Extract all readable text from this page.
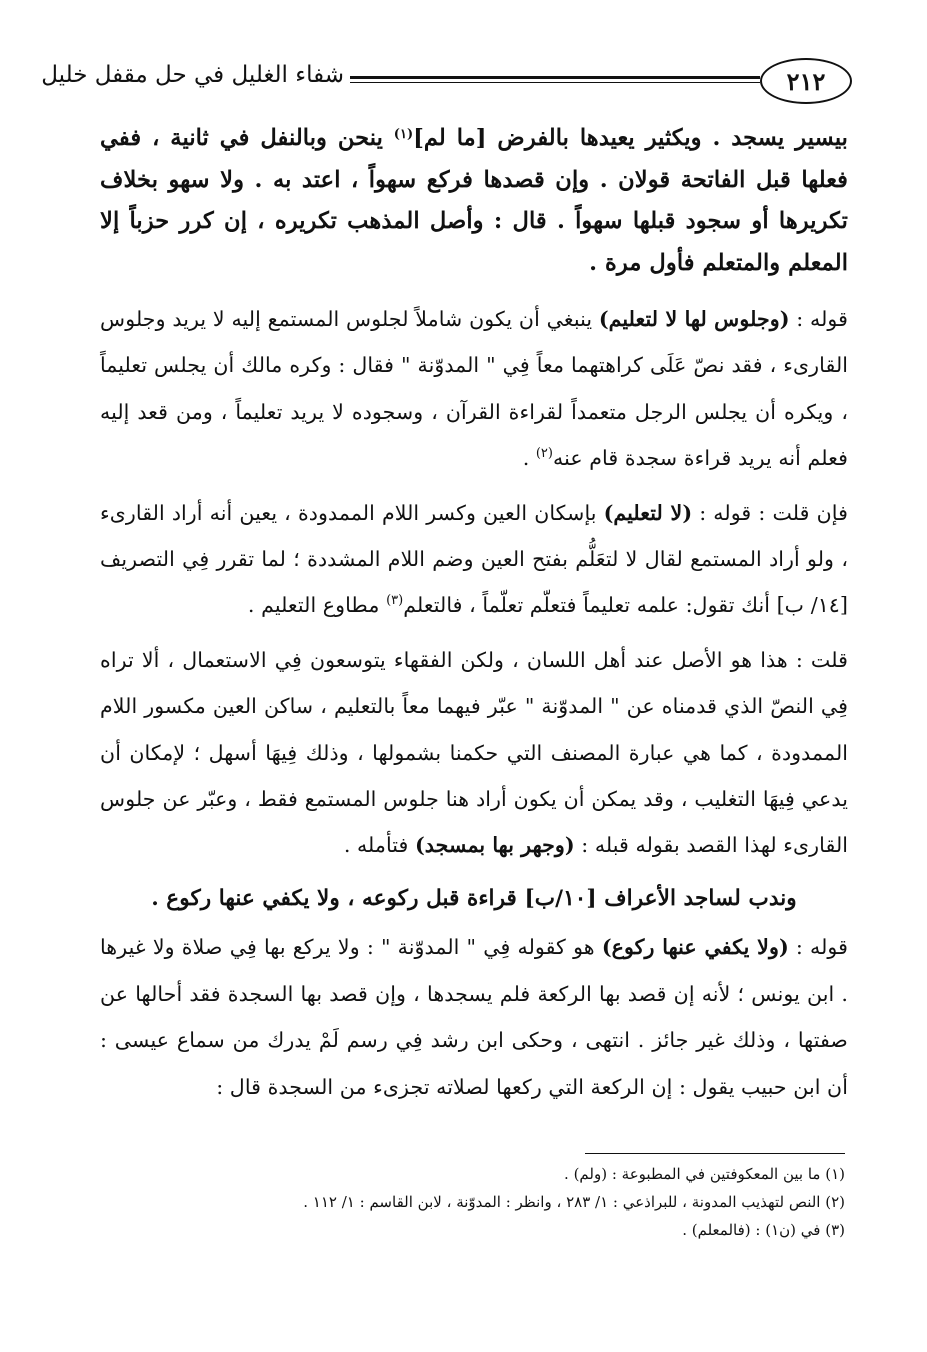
٢١٢
شفاء الغليل في حل مقفل خليل

بيسير يسجد . ويكثير يعيدها بالفرض [ما لم]$^{(١)}$ ينحن وبالنفل في ثانية ، ففي فعلها قبل الفاتحة قولان . وإن قصدها فركع سهواً ، اعتد به . ولا سهو بخلاف تكريرها أو سجود قبلها سهواً . قال : وأصل المذهب تكريره ، إن كرر حزباً إلا المعلم والمتعلم فأول مرة .

قوله : (وجلوس لها لا لتعليم) ينبغي أن يكون شاملاً لجلوس المستمع إليه لا يريد وجلوس القارىء ، فقد نصّ عَلَى كراهتهما معاً فِي " المدوّنة " فقال : وكره مالك أن يجلس تعليماً ، ويكره أن يجلس الرجل متعمداً لقراءة القرآن ، وسجوده لا يريد تعليماً ، ومن قعد إليه فعلم أنه يريد قراءة سجدة قام عنه$^{(٢)}$ .

فإن قلت : قوله : (لا لتعليم) بإسكان العين وكسر اللام الممدودة ، يعين أنه أراد القارىء ، ولو أراد المستمع لقال لا لتعَلُّم بفتح العين وضم اللام المشددة ؛ لما تقرر فِي التصريف [١٤/ ب] أنك تقول: علمه تعليماً فتعلّم تعلّماً ، فالتعلم$^{(٣)}$ مطاوع التعليم .

قلت : هذا هو الأصل عند أهل اللسان ، ولكن الفقهاء يتوسعون فِي الاستعمال ، ألا تراه فِي النصّ الذي قدمناه عن " المدوّنة " عبّر فيهما معاً بالتعليم ، ساكن العين مكسور اللام الممدودة ، كما هي عبارة المصنف التي حكمنا بشمولها ، وذلك فِيهَا أسهل ؛ لإمكان أن يدعي فِيهَا التغليب ، وقد يمكن أن يكون أراد هنا جلوس المستمع فقط ، وعبّر عن جلوس القارىء لهذا القصد بقوله قبله : (وجهر بها بمسجد) فتأمله .

وندب لساجد الأعراف [١٠/ب] قراءة قبل ركوعه ، ولا يكفي عنها ركوع .

قوله : (ولا يكفي عنها ركوع) هو كقوله فِي " المدوّنة " : ولا يركع بها فِي صلاة ولا غيرها . ابن يونس ؛ لأنه إن قصد بها الركعة فلم يسجدها ، وإن قصد بها السجدة فقد أحالها عن صفتها ، وذلك غير جائز . انتهى ، وحكى ابن رشد فِي رسم لَمْ يدرك من سماع عيسى : أن ابن حبيب يقول : إن الركعة التي ركعها لصلاته تجزىء من السجدة قال :

(١) ما بين المعكوفتين في المطبوعة : (ولم) .

(٢) النص لتهذيب المدونة ، للبراذعي : ١/ ٢٨٣ ، وانظر : المدوّنة ، لابن القاسم : ١/ ١١٢ .

(٣) في (ن١) : (فالمعلم) .
